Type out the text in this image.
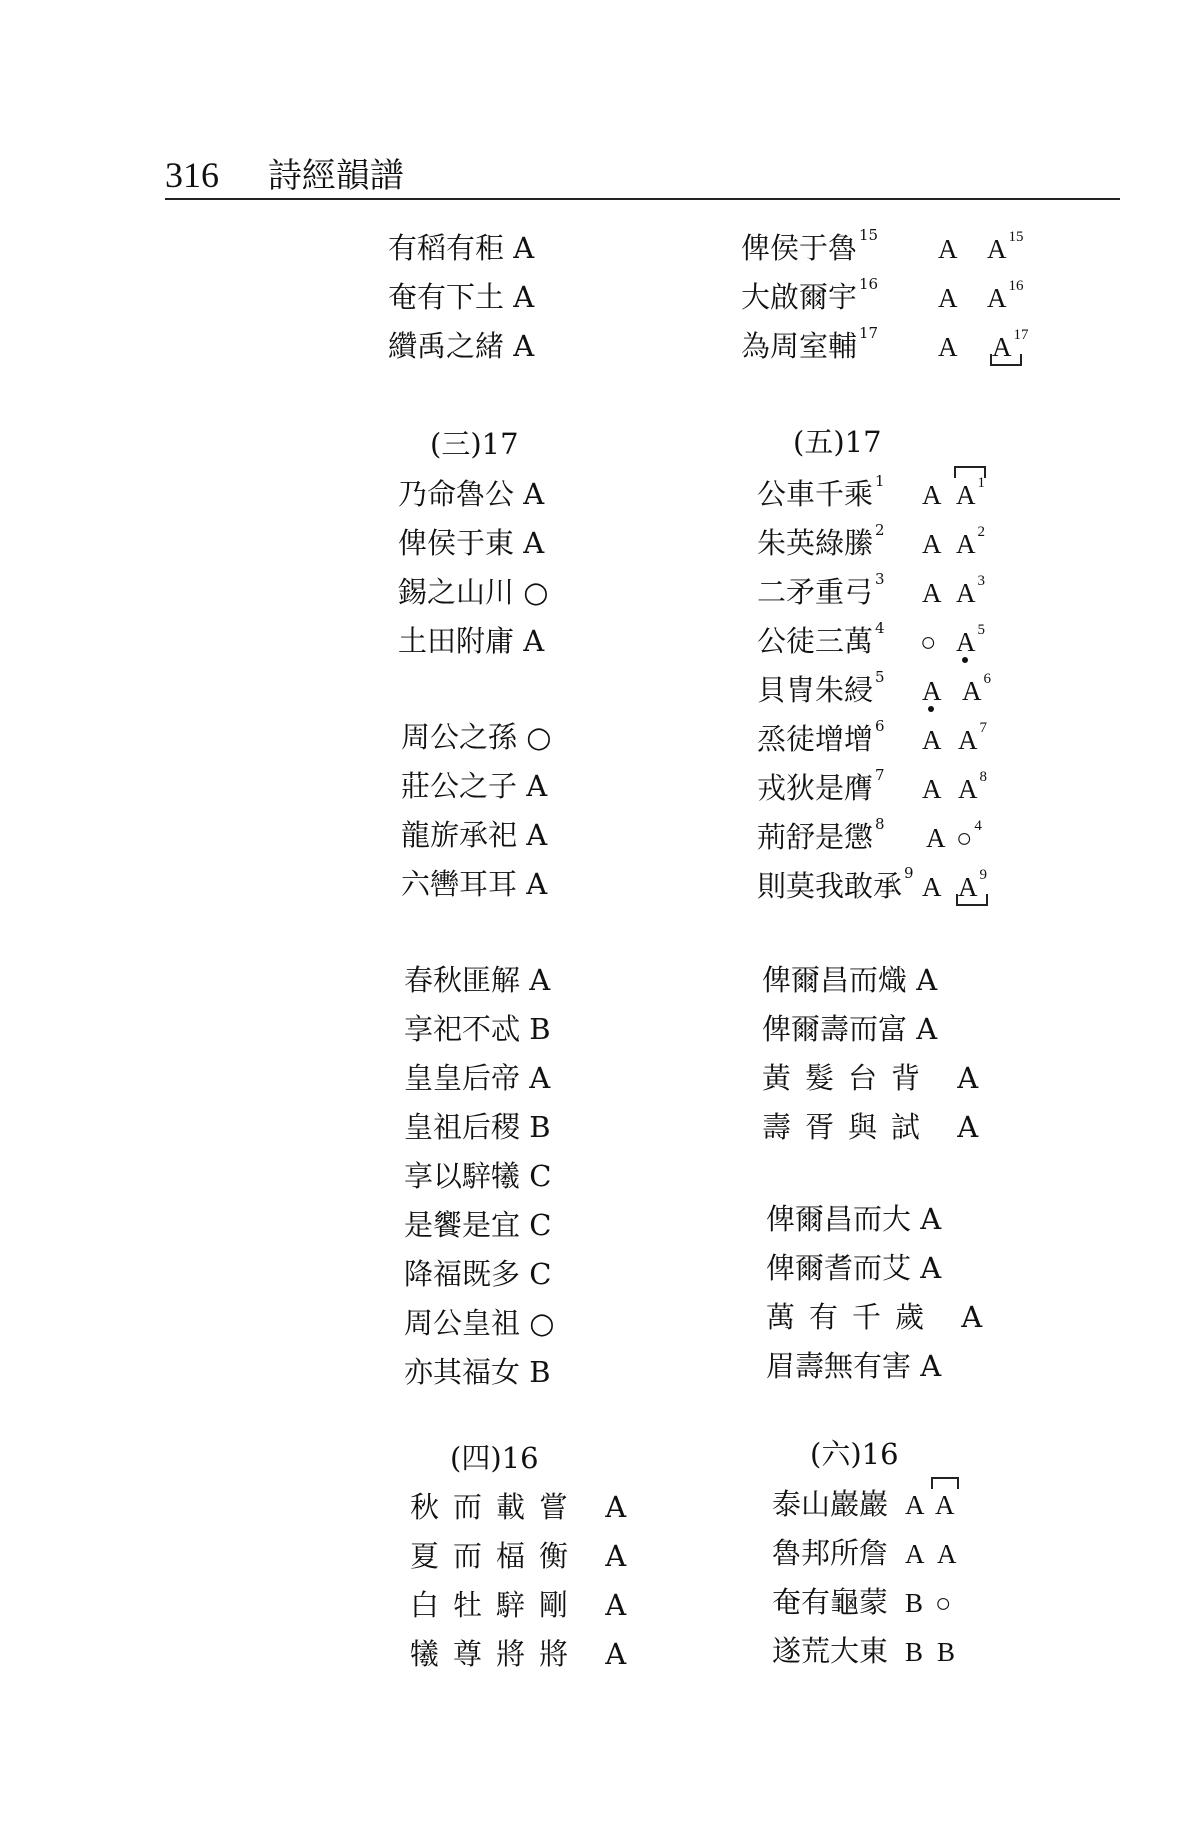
316 詩經韻譜
有稻有秬 A
奄有下土 A
纘禹之緒 A
(三)17
乃命魯公 A
俾侯于東 A
錫之山川 ○
土田附庸 A
周公之孫 ○
莊公之子 A
龍旂承祀 A
六轡耳耳 A
春秋匪解 A
享祀不忒 B
皇皇后帝 A
皇祖后稷 B
享以騂犧 C
是饗是宜 C
降福既多 C
周公皇祖 ○
亦其福女 B
(四)16
秋而載嘗 A
夏而楅衡 A
白牡騂剛 A
犧尊將將 A
俾侯于魯 $^{15}$ A A $^{15}$
大啟爾宇 $^{16}$ A A $^{16}$
為周室輔 $^{17}$ A A $^{17}$
(五)17
公車千乘 $^1$ A A $^1$
朱英綠縢 $^2$ A A $^2$
二矛重弓 $^3$ A A $^3$
公徒三萬 $^4$ ○ A $^5$
貝冑朱綅 $^5$ A A $^6$
烝徒增增 $^6$ A A $^7$
戎狄是膺 $^7$ A A $^8$
荊舒是懲 $^8$ A ○ $^4$
則莫我敢承 $^9$ A A $^9$
俾爾昌而熾 A
俾爾壽而富 A
黃髮台背 A
壽胥與試 A
俾爾昌而大 A
俾爾耆而艾 A
萬有千歲 A
眉壽無有害 A
(六)16
泰山巖巖 A A
魯邦所詹 A A
奄有龜蒙 B ○
遂荒大東 B B
